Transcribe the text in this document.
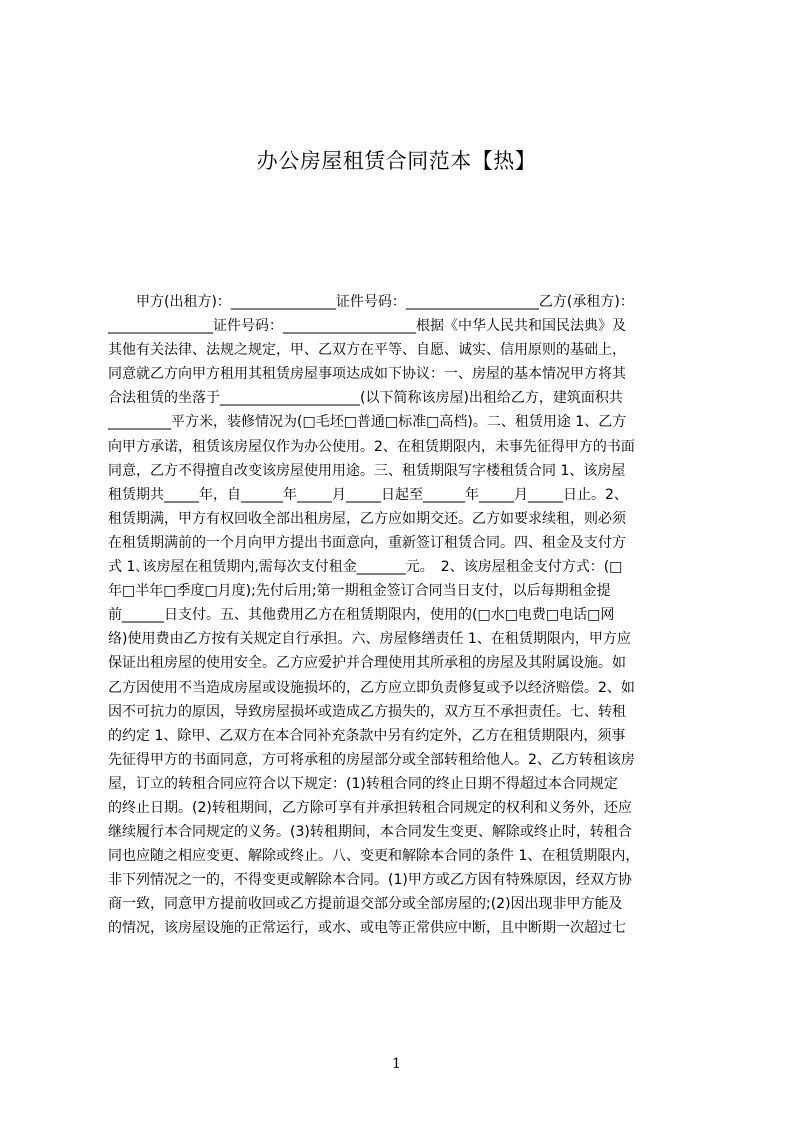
办公房屋租赁合同范本【热】
　　甲方(出租方)：_______________证件号码：___________________乙方(承租方)：
_______________证件号码：___________________根据《中华人民共和国民法典》及
其他有关法律、法规之规定，甲、乙双方在平等、自愿、诚实、信用原则的基础上，
同意就乙方向甲方租用其租赁房屋事项达成如下协议：一、房屋的基本情况甲方将其
合法租赁的坐落于____________________(以下简称该房屋)出租给乙方，建筑面积共
_________平方米，装修情况为(□毛坯□普通□标准□高档)。二、租赁用途 1、乙方
向甲方承诺，租赁该房屋仅作为办公使用。2、在租赁期限内，未事先征得甲方的书面
同意，乙方不得擅自改变该房屋使用用途。三、租赁期限写字楼租赁合同 1、该房屋
租赁期共_____年，自______年_____月_____日起至______年_____月_____日止。2、
租赁期满，甲方有权回收全部出租房屋，乙方应如期交还。乙方如要求续租，则必须
在租赁期满前的一个月向甲方提出书面意向，重新签订租赁合同。四、租金及支付方
式 1､该房屋在租赁期内,需每次支付租金_______元。　2、该房屋租金支付方式：(□
年□半年□季度□月度);先付后用;第一期租金签订合同当日支付，以后每期租金提
前______日支付。五、其他费用乙方在租赁期限内，使用的(□水□电费□电话□网
络)使用费由乙方按有关规定自行承担。六、房屋修缮责任 1、在租赁期限内，甲方应
保证出租房屋的使用安全。乙方应爱护并合理使用其所承租的房屋及其附属设施。如
乙方因使用不当造成房屋或设施损坏的，乙方应立即负责修复或予以经济赔偿。2、如
因不可抗力的原因，导致房屋损坏或造成乙方损失的，双方互不承担责任。七、转租
的约定 1、除甲、乙双方在本合同补充条款中另有约定外，乙方在租赁期限内，须事
先征得甲方的书面同意，方可将承租的房屋部分或全部转租给他人。2、乙方转租该房
屋，订立的转租合同应符合以下规定：(1)转租合同的终止日期不得超过本合同规定
的终止日期。(2)转租期间，乙方除可享有并承担转租合同规定的权利和义务外，还应
继续履行本合同规定的义务。(3)转租期间，本合同发生变更、解除或终止时，转租合
同也应随之相应变更、解除或终止。八、变更和解除本合同的条件 1、在租赁期限内，
非下列情况之一的，不得变更或解除本合同。(1)甲方或乙方因有特殊原因，经双方协
商一致，同意甲方提前收回或乙方提前退交部分或全部房屋的;(2)因出现非甲方能及
的情况，该房屋设施的正常运行，或水、或电等正常供应中断，且中断期一次超过七
1
